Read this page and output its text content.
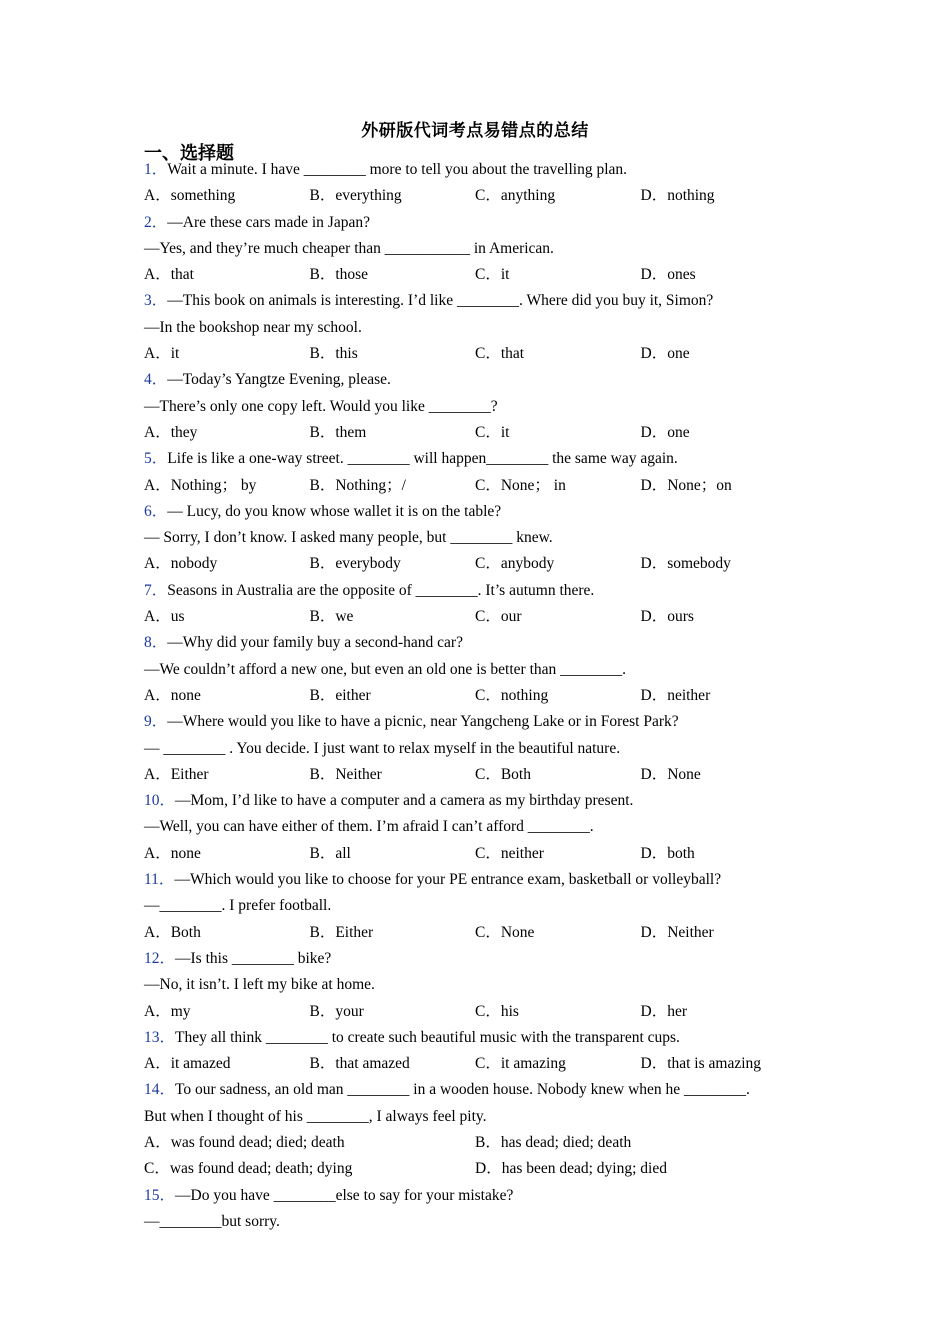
外研版代词考点易错点的总结
一、选择题
1．Wait a minute. I have ________ more to tell you about the travelling plan.
A．something	B．everything	C．anything	D．nothing
2．—Are these cars made in Japan?
—Yes, and they’re much cheaper than ___________ in American.
A．that	B．those	C．it	D．ones
3．—This book on animals is interesting. I’d like ________. Where did you buy it, Simon?
—In the bookshop near my school.
A．it	B．this	C．that	D．one
4．—Today’s Yangtze Evening, please.
—There’s only one copy left. Would you like ________?
A．they	B．them	C．it	D．one
5．Life is like a one-way street. ________ will happen________ the same way again.
A．Nothing； by	B．Nothing；/	C．None； in	D．None；on
6．— Lucy, do you know whose wallet it is on the table?
— Sorry, I don’t know. I asked many people, but ________ knew.
A．nobody	B．everybody	C．anybody	D．somebody
7．Seasons in Australia are the opposite of ________. It’s autumn there.
A．us	B．we	C．our	D．ours
8．—Why did your family buy a second-hand car?
—We couldn’t afford a new one, but even an old one is better than ________.
A．none	B．either	C．nothing	D．neither
9．—Where would you like to have a picnic, near Yangcheng Lake or in Forest Park?
— ________ . You decide. I just want to relax myself in the beautiful nature.
A．Either	B．Neither	C．Both	D．None
10．—Mom, I’d like to have a computer and a camera as my birthday present.
—Well, you can have either of them. I’m afraid I can’t afford ________.
A．none	B．all	C．neither	D．both
11．—Which would you like to choose for your PE entrance exam, basketball or volleyball?
—________. I prefer football.
A．Both	B．Either	C．None	D．Neither
12．—Is this ________ bike?
—No, it isn’t. I left my bike at home.
A．my	B．your	C．his	D．her
13．They all think ________ to create such beautiful music with the transparent cups.
A．it amazed	B．that amazed	C．it amazing	D．that is amazing
14．To our sadness, an old man ________ in a wooden house. Nobody knew when he ________.
But when I thought of his ________, I always feel pity.
A．was found dead; died; death	B．has dead; died; death
C．was found dead; death; dying	D．has been dead; dying; died
15．—Do you have ________else to say for your mistake?
—________but sorry.
